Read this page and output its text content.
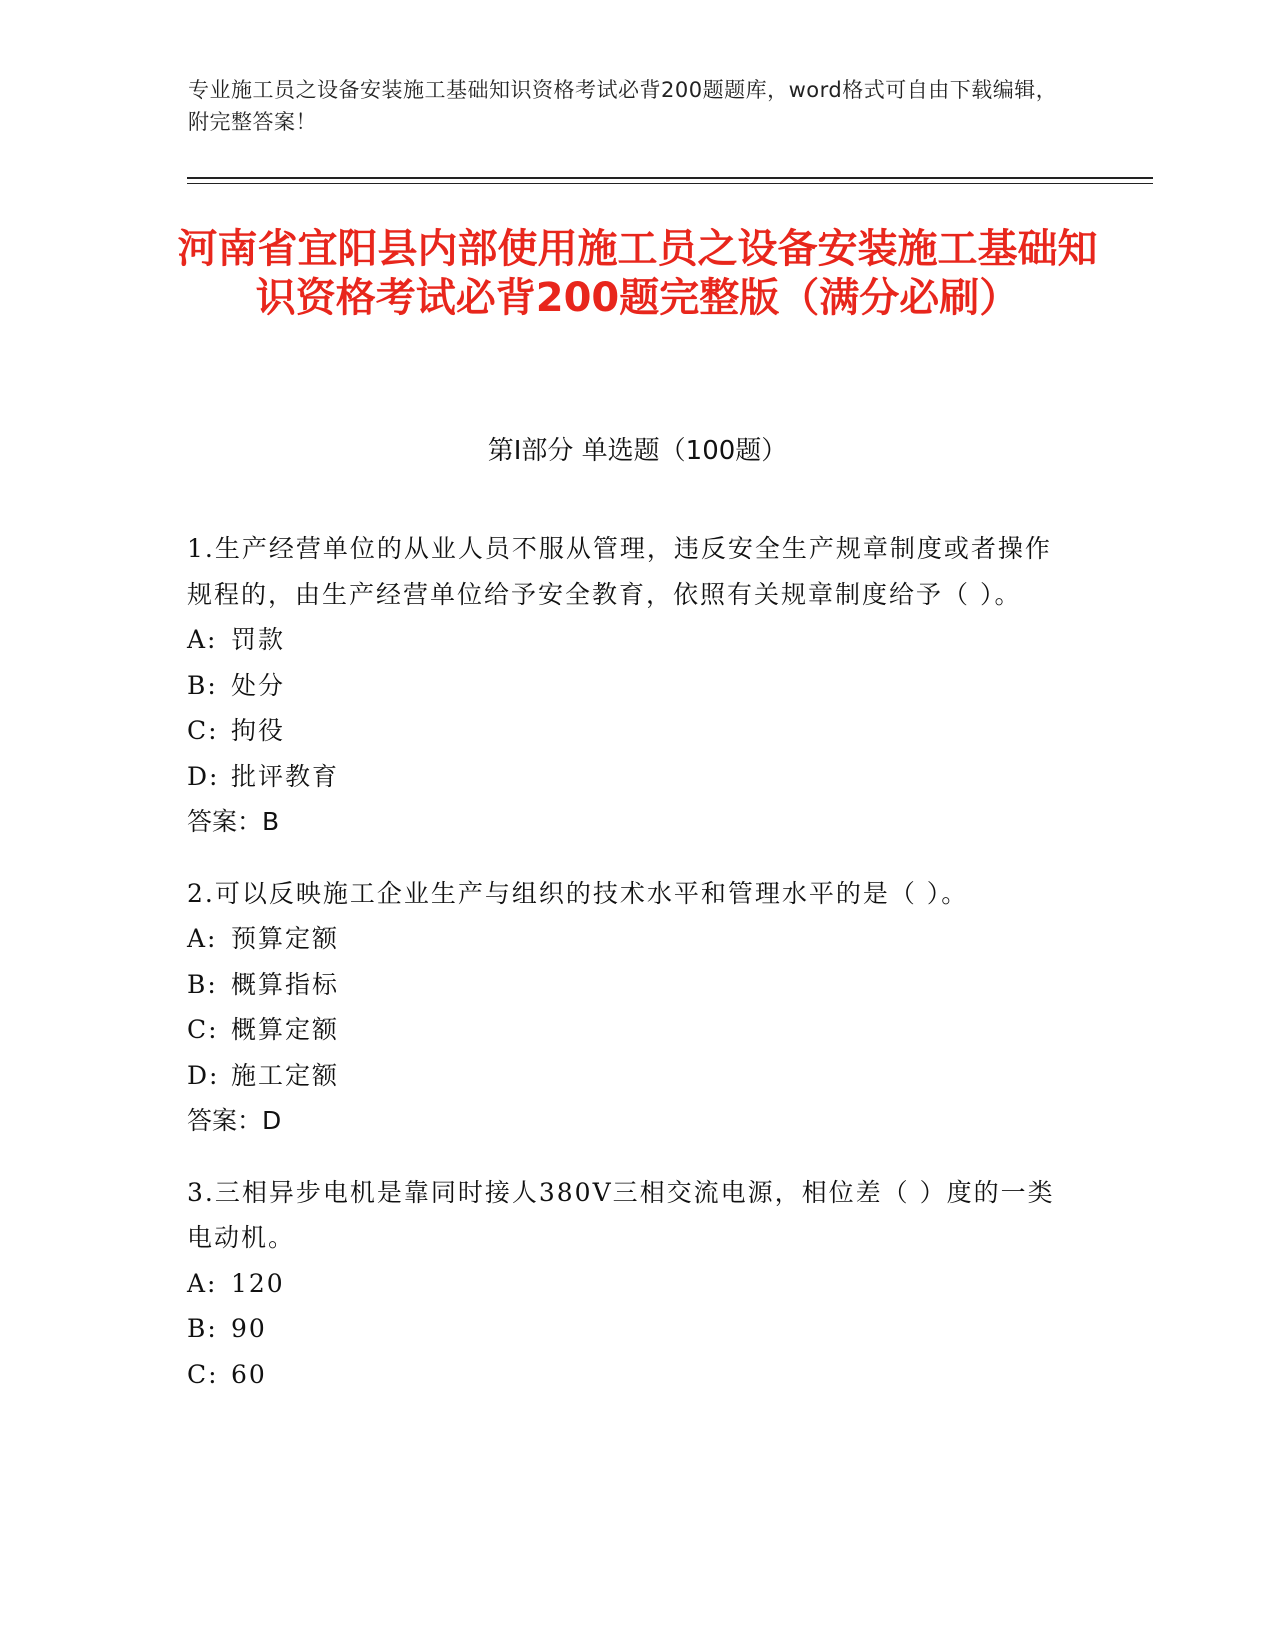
专业施工员之设备安装施工基础知识资格考试必背200题题库，word格式可自由下载编辑，附完整答案！
河南省宜阳县内部使用施工员之设备安装施工基础知识资格考试必背200题完整版（满分必刷）
第Ⅰ部分 单选题（100题）
1.生产经营单位的从业人员不服从管理，违反安全生产规章制度或者操作规程的，由生产经营单位给予安全教育，依照有关规章制度给予（ ）。
A: 罚款
B: 处分
C: 拘役
D: 批评教育
答案：B
2.可以反映施工企业生产与组织的技术水平和管理水平的是（ ）。
A: 预算定额
B: 概算指标
C: 概算定额
D: 施工定额
答案：D
3.三相异步电机是靠同时接人380V三相交流电源，相位差（ ）度的一类电动机。
A: 120
B: 90
C: 60
